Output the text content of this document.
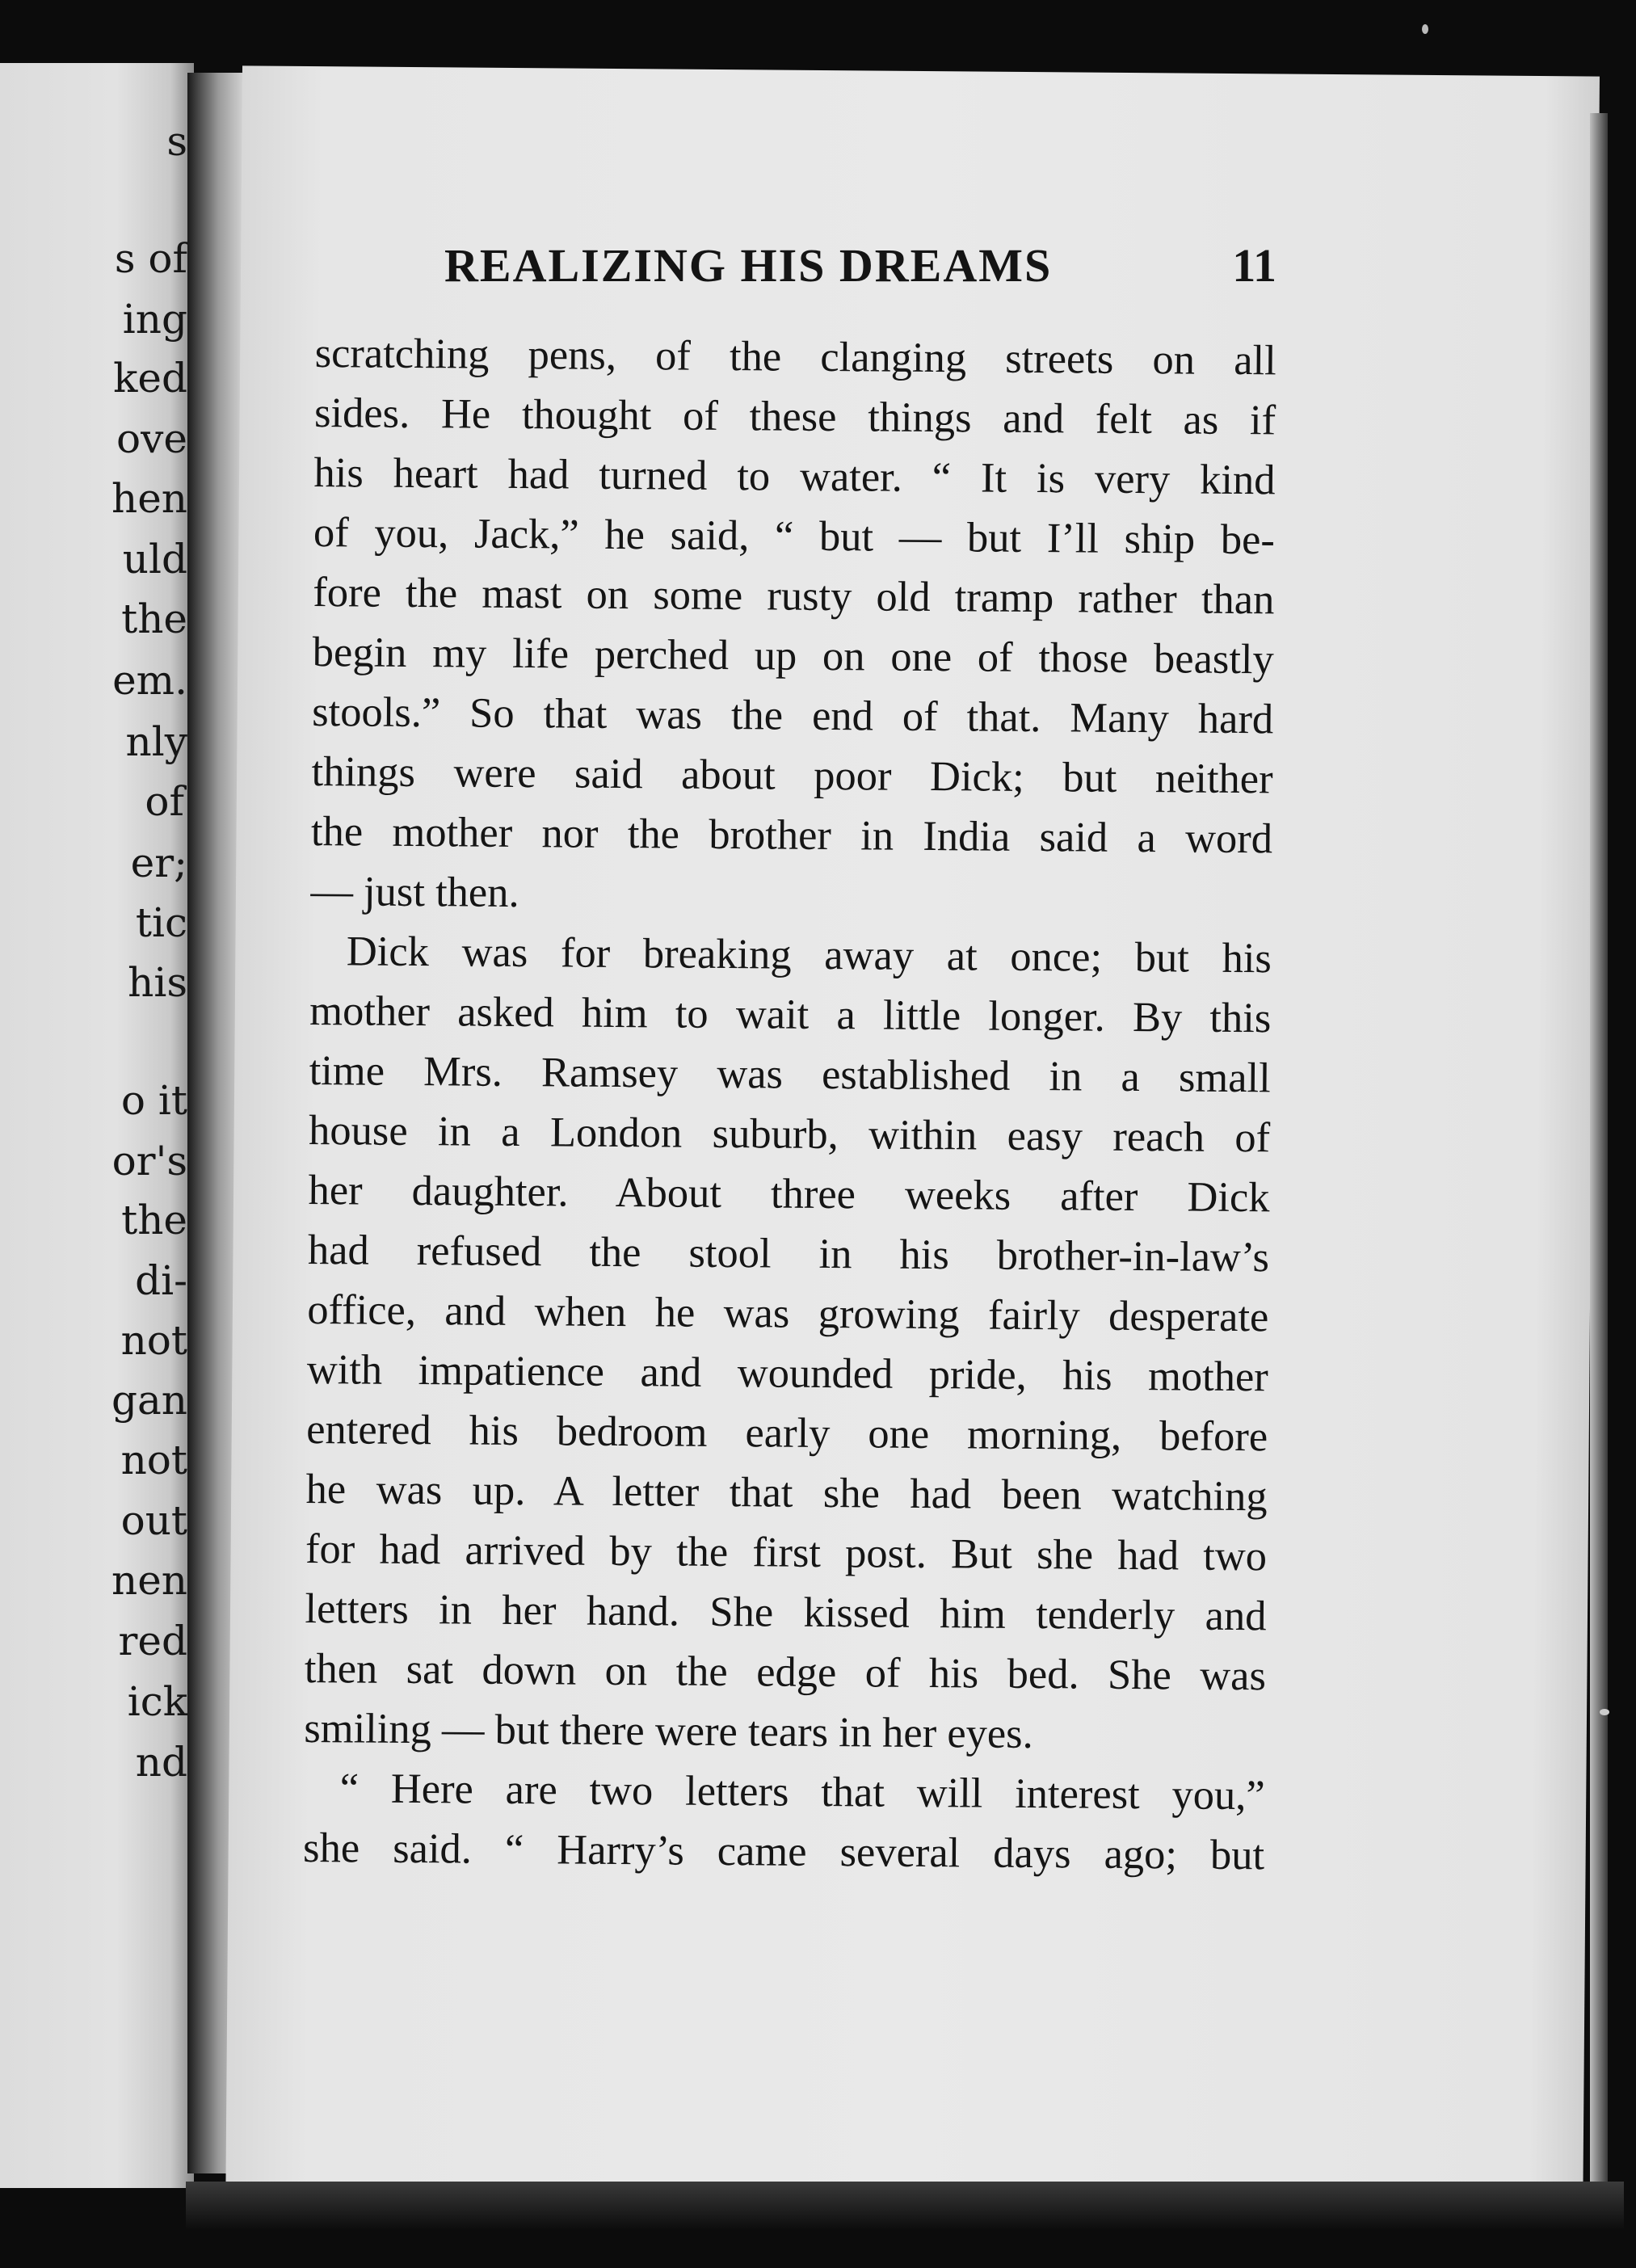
s
s of
ing
ked
ove
hen
uld
the
em.
nly
of
er;
tic
his
o it
or's
the
di-
not
gan
not
out
nen
red
ick
nd
REALIZING HIS DREAMS	11
scratching pens, of the clanging streets on all
sides. He thought of these things and felt as if
his heart had turned to water. “ It is very kind
of you, Jack,” he said, “ but — but I’ll ship be-
fore the mast on some rusty old tramp rather than
begin my life perched up on one of those beastly
stools.” So that was the end of that. Many hard
things were said about poor Dick; but neither
the mother nor the brother in India said a word
— just then.
Dick was for breaking away at once; but his
mother asked him to wait a little longer. By this
time Mrs. Ramsey was established in a small
house in a London suburb, within easy reach of
her daughter. About three weeks after Dick
had refused the stool in his brother-in-law’s
office, and when he was growing fairly desperate
with impatience and wounded pride, his mother
entered his bedroom early one morning, before
he was up. A letter that she had been watching
for had arrived by the first post. But she had two
letters in her hand. She kissed him tenderly and
then sat down on the edge of his bed. She was
smiling — but there were tears in her eyes.
“ Here are two letters that will interest you,”
she said. “ Harry’s came several days ago; but
